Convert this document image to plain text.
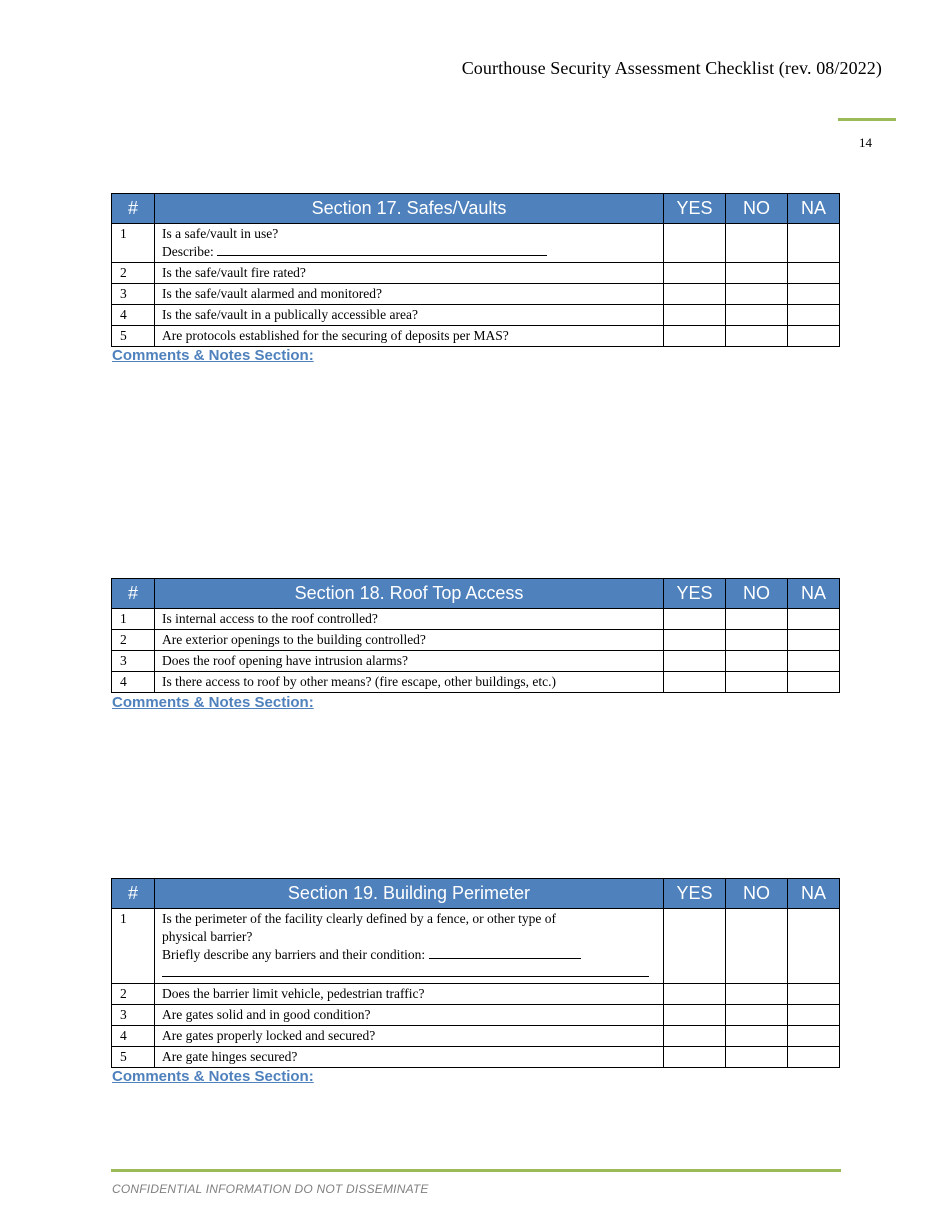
Courthouse Security Assessment Checklist (rev. 08/2022)
14
#	Section 17. Safes/Vaults	YES	NO	NA
1	Is a safe/vault in use?
Describe:			

2	Is the safe/vault fire rated?			
3	Is the safe/vault alarmed and monitored?			
4	Is the safe/vault in a publically accessible area?			
5	Are protocols established for the securing of deposits per MAS?			
Comments & Notes Section:
#	Section 18. Roof Top Access	YES	NO	NA
1	Is internal access to the roof controlled?			
2	Are exterior openings to the building controlled?			
3	Does the roof opening have intrusion alarms?			
4	Is there access to roof by other means? (fire escape, other buildings, etc.)			
Comments & Notes Section:
#	Section 19. Building Perimeter	YES	NO	NA
1	Is the perimeter of the facility clearly defined by a fence, or other type of
physical barrier?
Briefly describe any barriers and their condition:			

2	Does the barrier limit vehicle, pedestrian traffic?			
3	Are gates solid and in good condition?			
4	Are gates properly locked and secured?			
5	Are gate hinges secured?			
Comments & Notes Section:
CONFIDENTIAL INFORMATION DO NOT DISSEMINATE
